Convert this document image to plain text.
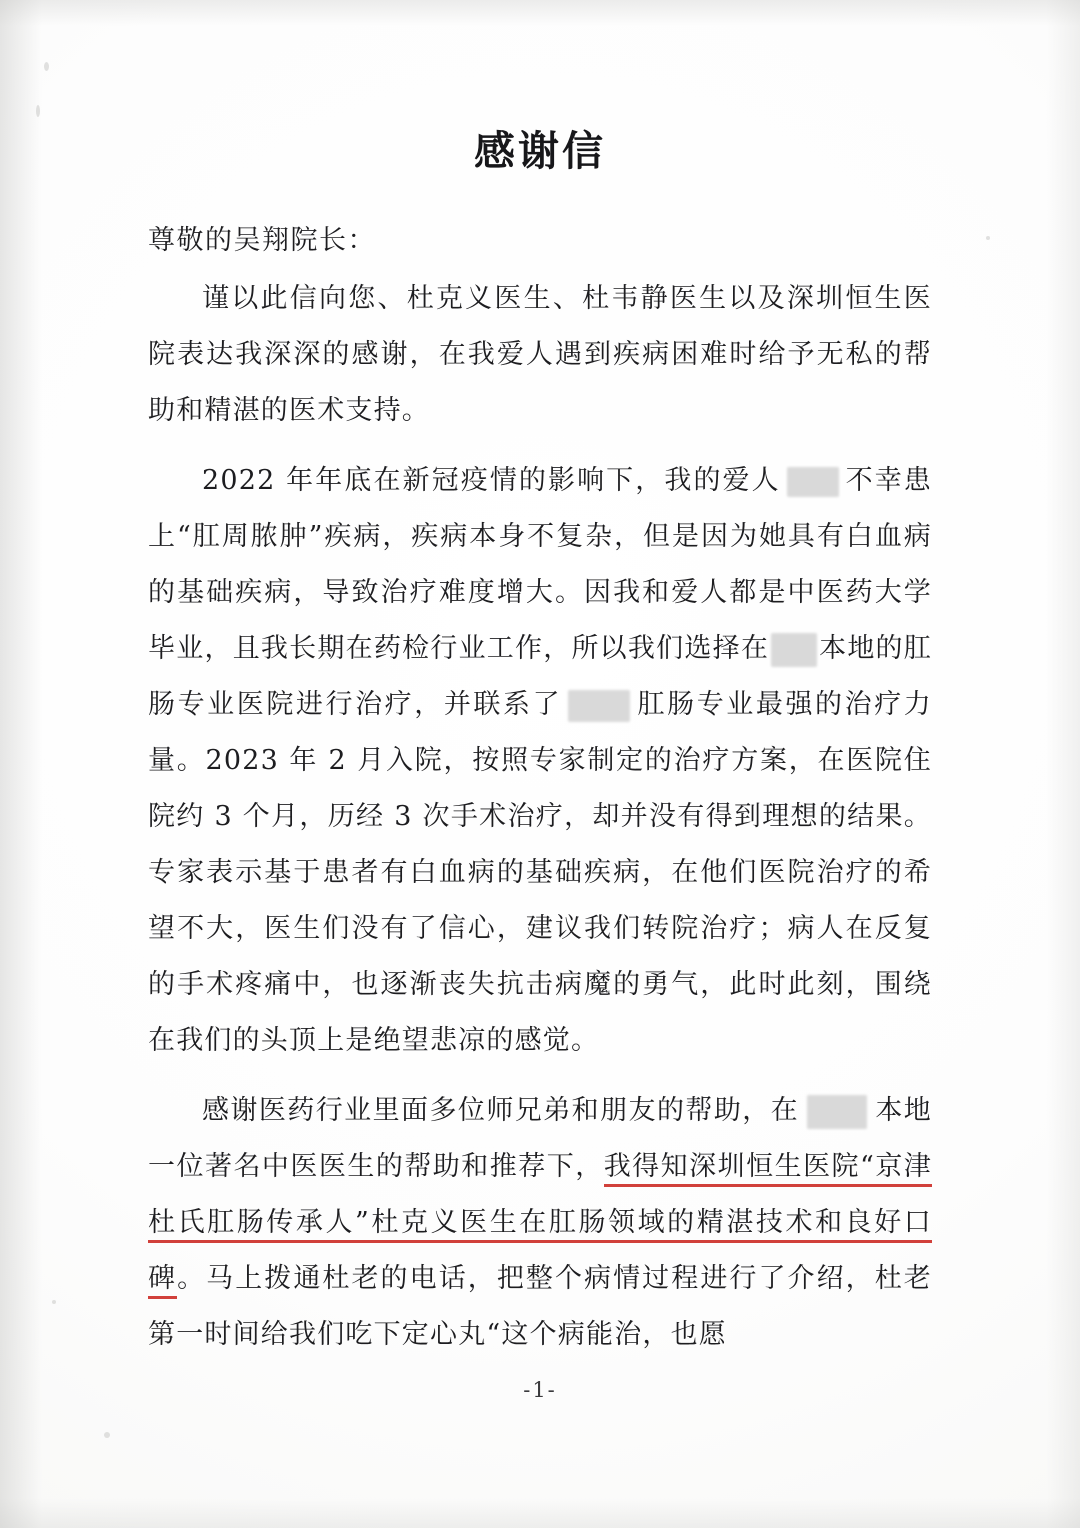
感谢信
尊敬的吴翔院长：

谨以此信向您、杜克义医生、杜韦静医生以及深圳恒生医院表达我深深的感谢，在我爱人遇到疾病困难时给予无私的帮助和精湛的医术支持。

2022 年年底在新冠疫情的影响下，我的爱人 不幸患上“肛周脓肿”疾病，疾病本身不复杂，但是因为她具有白血病的基础疾病，导致治疗难度增大。因我和爱人都是中医药大学毕业，且我长期在药检行业工作，所以我们选择在 本地的肛肠专业医院进行治疗，并联系了	肛肠专业最强的治疗力量。2023 年 2 月入院，按照专家制定的治疗方案，在医院住院约 3 个月，历经 3 次手术治疗，却并没有得到理想的结果。专家表示基于患者有白血病的基础疾病，在他们医院治疗的希望不大，医生们没有了信心，建议我们转院治疗；病人在反复的手术疼痛中，也逐渐丧失抗击病魔的勇气，此时此刻，围绕在我们的头顶上是绝望悲凉的感觉。

感谢医药行业里面多位师兄弟和朋友的帮助，在	本地一位著名中医医生的帮助和推荐下，我得知深圳恒生医院“京津杜氏肛肠传承人”杜克义医生在肛肠领域的精湛技术和良好口碑。马上拨通杜老的电话，把整个病情过程进行了介绍，杜老第一时间给我们吃下定心丸“这个病能治，也愿

-1-
